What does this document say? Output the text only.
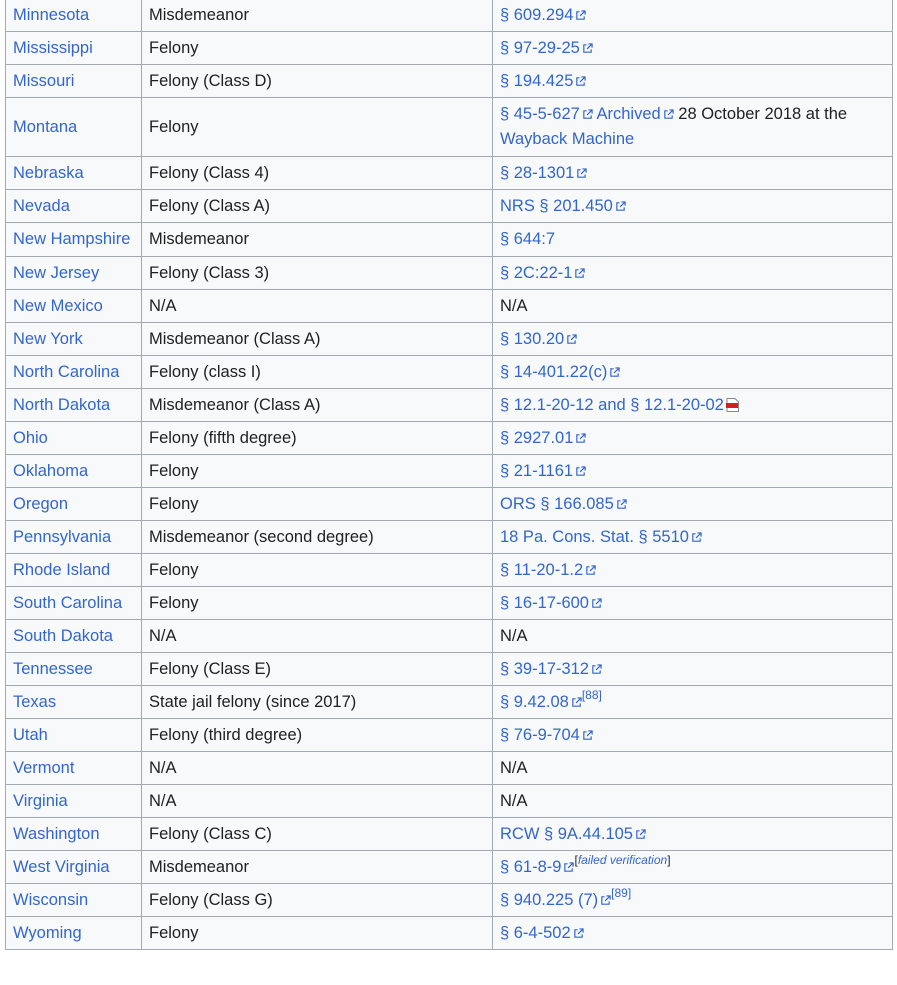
Minnesota	Misdemeanor	§ 609.294
Mississippi	Felony	§ 97-29-25
Missouri	Felony (Class D)	§ 194.425
Montana	Felony	§ 45-5-627 Archived 28 October 2018 at the Wayback Machine
Nebraska	Felony (Class 4)	§ 28-1301
Nevada	Felony (Class A)	NRS § 201.450
New Hampshire	Misdemeanor	§ 644:7
New Jersey	Felony (Class 3)	§ 2C:22-1
New Mexico	N/A	N/A
New York	Misdemeanor (Class A)	§ 130.20
North Carolina	Felony (class I)	§ 14-401.22(c)
North Dakota	Misdemeanor (Class A)	§ 12.1-20-12 and § 12.1-20-02
Ohio	Felony (fifth degree)	§ 2927.01
Oklahoma	Felony	§ 21-1161
Oregon	Felony	ORS § 166.085
Pennsylvania	Misdemeanor (second degree)	18 Pa. Cons. Stat. § 5510
Rhode Island	Felony	§ 11-20-1.2
South Carolina	Felony	§ 16-17-600
South Dakota	N/A	N/A
Tennessee	Felony (Class E)	§ 39-17-312
Texas	State jail felony (since 2017)	§ 9.42.08 [88]
Utah	Felony (third degree)	§ 76-9-704
Vermont	N/A	N/A
Virginia	N/A	N/A
Washington	Felony (Class C)	RCW § 9A.44.105
West Virginia	Misdemeanor	§ 61-8-9 [failed verification]
Wisconsin	Felony (Class G)	§ 940.225 (7) [89]
Wyoming	Felony	§ 6-4-502
